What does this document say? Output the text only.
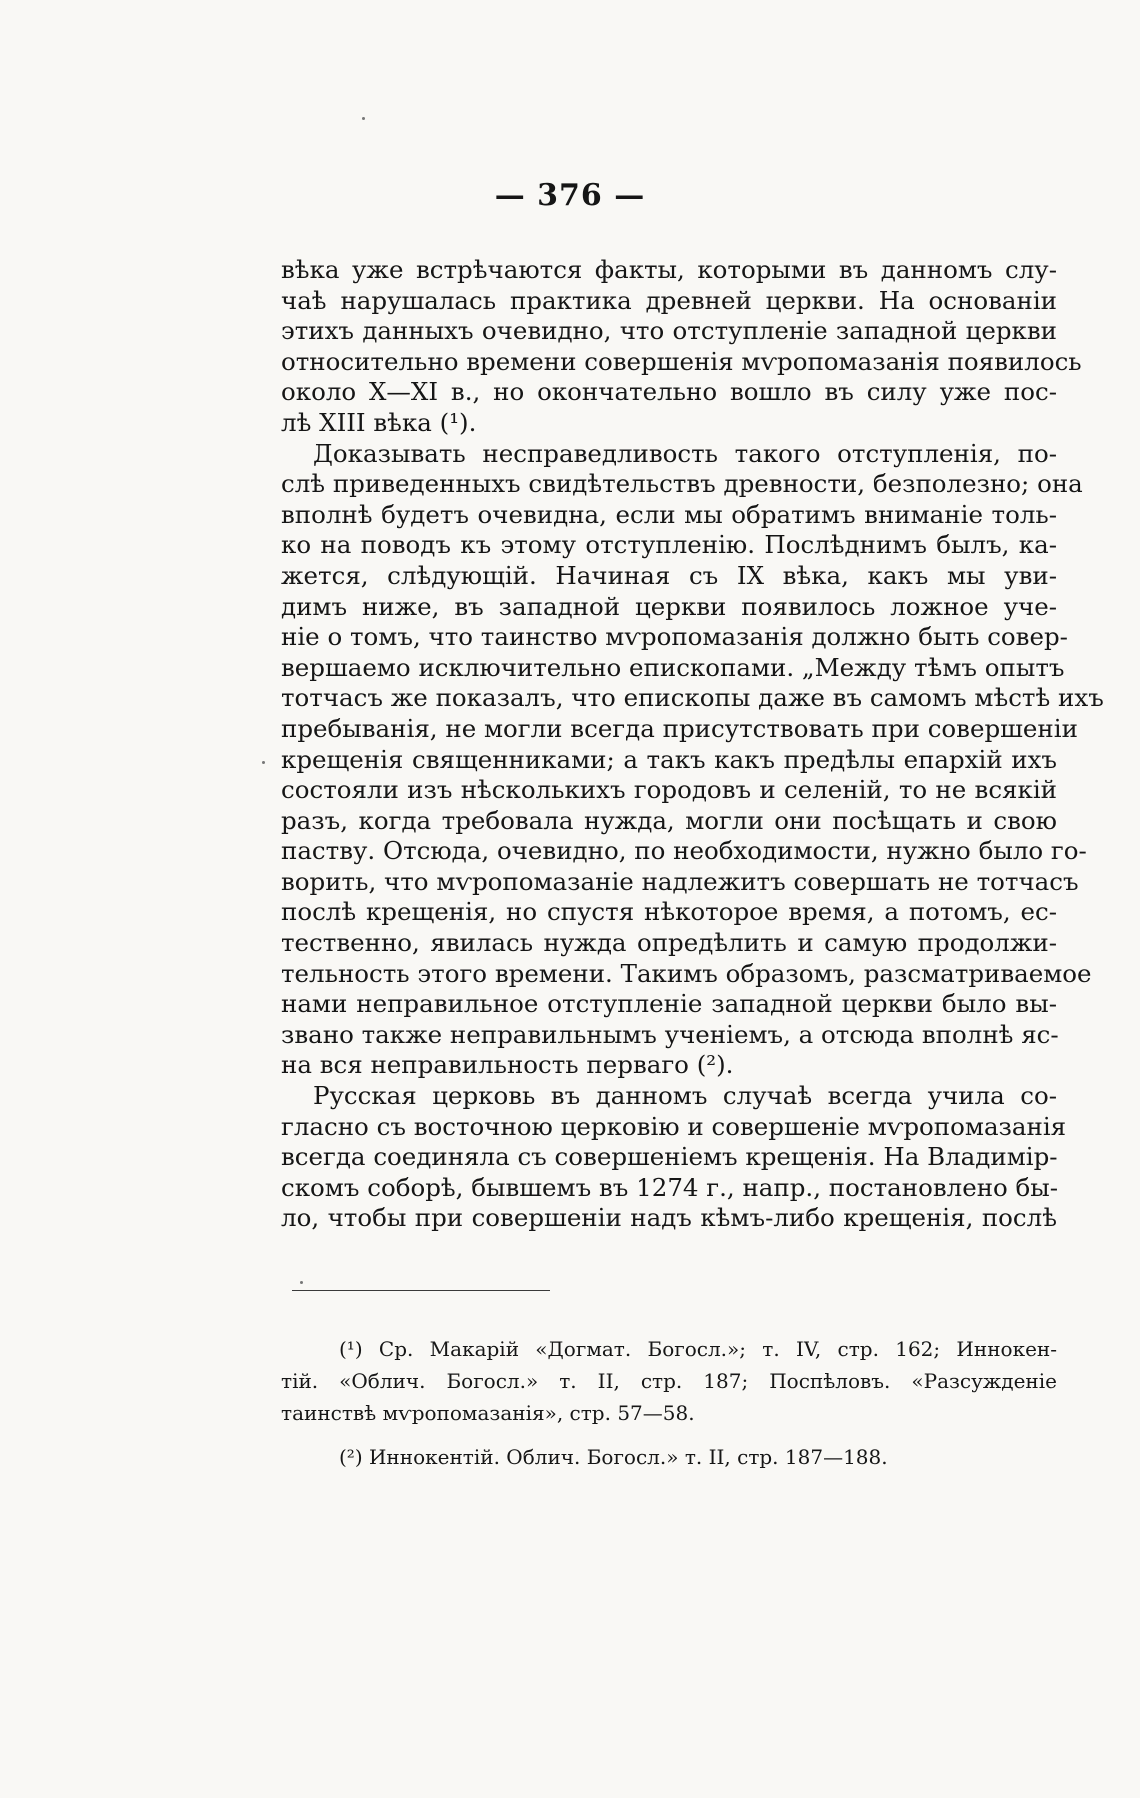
— 376 —
вѣка уже встрѣчаются факты, которыми въ данномъ слу-
чаѣ нарушалась практика древней церкви. На основаніи
этихъ данныхъ очевидно, что отступленіе западной церкви
относительно времени совершенія мѵропомазанія появилось
около X—XI в., но окончательно вошло въ силу уже пос-
лѣ XIII вѣка (¹).
Доказывать несправедливость такого отступленія, по-
слѣ приведенныхъ свидѣтельствъ древности, безполезно; она
вполнѣ будетъ очевидна, если мы обратимъ вниманіе толь-
ко на поводъ къ этому отступленію. Послѣднимъ былъ, ка-
жется, слѣдующій. Начиная съ IX вѣка, какъ мы уви-
димъ ниже, въ западной церкви появилось ложное уче-
ніе о томъ, что таинство мѵропомазанія должно быть совер-
вершаемо исключительно епископами. „Между тѣмъ опытъ
тотчасъ же показалъ, что епископы даже въ самомъ мѣстѣ ихъ
пребыванія, не могли всегда присутствовать при совершеніи
крещенія священниками; а такъ какъ предѣлы епархій ихъ
состояли изъ нѣсколькихъ городовъ и селеній, то не всякій
разъ, когда требовала нужда, могли они посѣщать и свою
паству. Отсюда, очевидно, по необходимости, нужно было го-
ворить, что мѵропомазаніе надлежитъ совершать не тотчасъ
послѣ крещенія, но спустя нѣкоторое время, а потомъ, ес-
тественно, явилась нужда опредѣлить и самую продолжи-
тельность этого времени. Такимъ образомъ, разсматриваемое
нами неправильное отступленіе западной церкви было вы-
звано также неправильнымъ ученіемъ, а отсюда вполнѣ яс-
на вся неправильность перваго (²).
Русская церковь въ данномъ случаѣ всегда учила со-
гласно съ восточною церковію и совершеніе мѵропомазанія
всегда соединяла съ совершеніемъ крещенія. На Владимір-
скомъ соборѣ, бывшемъ въ 1274 г., напр., постановлено бы-
ло, чтобы при совершеніи надъ кѣмъ-либо крещенія, послѣ
(¹) Ср. Макарій «Догмат. Богосл.»; т. IV, стр. 162; Иннокен-
тій. «Облич. Богосл.» т. II, стр. 187; Поспѣловъ. «Разсужденіе
таинствѣ мѵропомазанія», стр. 57—58.
(²) Иннокентій. Облич. Богосл.» т. II, стр. 187—188.
